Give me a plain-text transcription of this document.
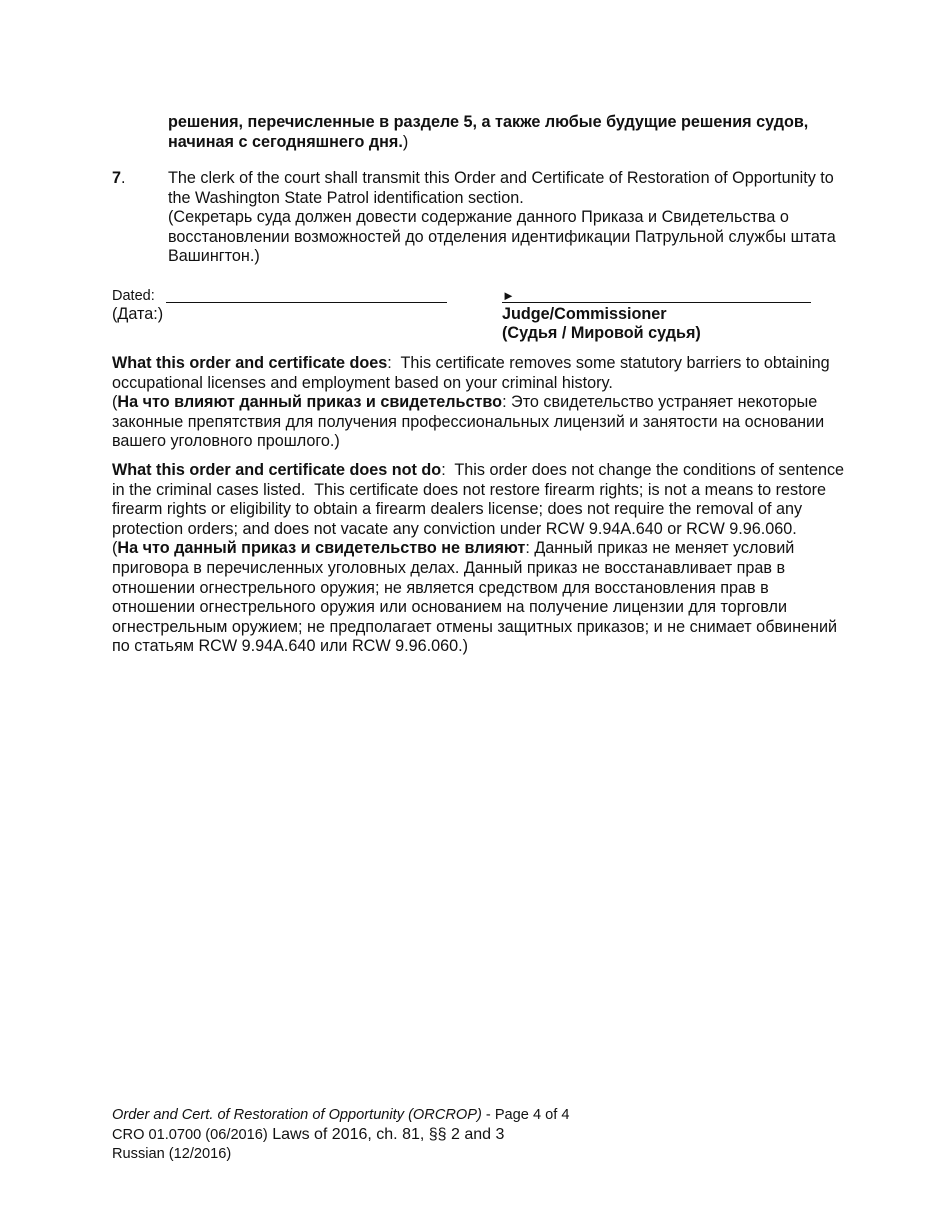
решения, перечисленные в разделе 5, а также любые будущие решения судов, начиная с сегодняшнего дня.)
7.	The clerk of the court shall transmit this Order and Certificate of Restoration of Opportunity to the Washington State Patrol identification section.
(Секретарь суда должен довести содержание данного Приказа и Свидетельства о восстановлении возможностей до отделения идентификации Патрульной службы штата Вашингтон.)
Dated:
(Дата:)
►
Judge/Commissioner
(Судья / Мировой судья)
What this order and certificate does:  This certificate removes some statutory barriers to obtaining occupational licenses and employment based on your criminal history.
(На что влияют данный приказ и свидетельство: Это свидетельство устраняет некоторые законные препятствия для получения профессиональных лицензий и занятости на основании вашего уголовного прошлого.)
What this order and certificate does not do:  This order does not change the conditions of sentence in the criminal cases listed.  This certificate does not restore firearm rights; is not a means to restore firearm rights or eligibility to obtain a firearm dealers license; does not require the removal of any protection orders; and does not vacate any conviction under RCW 9.94A.640 or RCW 9.96.060.
(На что данный приказ и свидетельство не влияют: Данный приказ не меняет условий приговора в перечисленных уголовных делах. Данный приказ не восстанавливает прав в отношении огнестрельного оружия; не является средством для восстановления прав в отношении огнестрельного оружия или основанием на получение лицензии для торговли огнестрельным оружием; не предполагает отмены защитных приказов; и не снимает обвинений по статьям RCW 9.94A.640 или RCW 9.96.060.)
Order and Cert. of Restoration of Opportunity (ORCROP) - Page 4 of 4
CRO 01.0700 (06/2016) Laws of 2016, ch. 81, §§ 2 and 3
Russian (12/2016)
